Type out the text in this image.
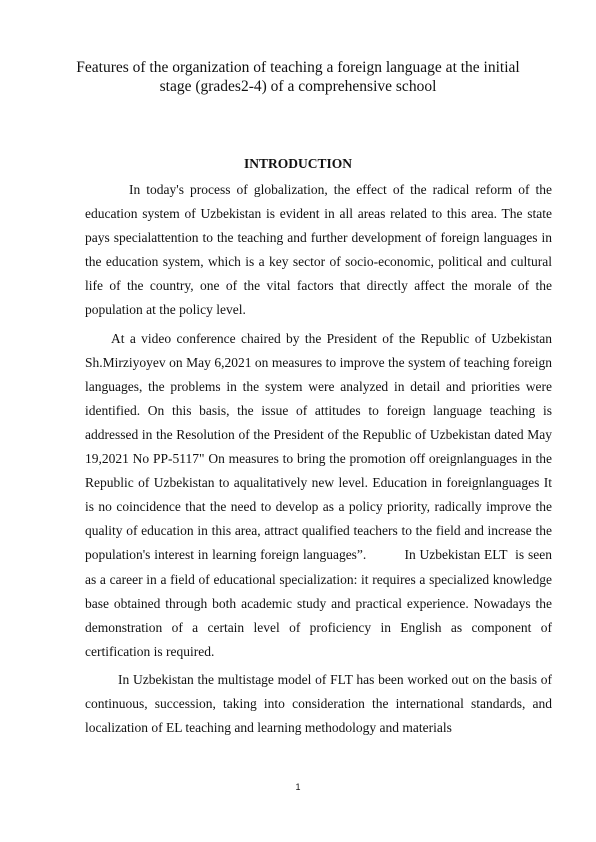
Features of the organization of teaching a foreign language at the initial stage (grades2-4) of a comprehensive school
INTRODUCTION

In today's process of globalization, the effect of the radical reform of the education system of Uzbekistan is evident in all areas related to this area. The state pays specialattention to the teaching and further development of foreign languages in the education system, which is a key sector of socio-economic, political and cultural life of the country, one of the vital factors that directly affect the morale of the population at the policy level.

At a video conference chaired by the President of the Republic of Uzbekistan Sh.Mirziyoyev on May 6,2021 on measures to improve the system of teaching foreign languages, the problems in the system were analyzed in detail and priorities were identified. On this basis, the issue of attitudes to foreign language teaching is addressed in the Resolution of the President of the Republic of Uzbekistan dated May 19,2021 No PP-5117" On measures to bring the promotion off oreignlanguages in the Republic of Uzbekistan to aqualitatively new level. Education in foreignlanguages It is no coincidence that the need to develop as a policy priority, radically improve the quality of education in this area, attract qualified teachers to the field and increase the population's interest in learning foreign languages”.          In Uzbekistan ELT  is seen as a career in a field of educational specialization: it requires a specialized knowledge base obtained through both academic study and practical experience. Nowadays the demonstration of a certain level of proficiency in English as component of certification is required.

In Uzbekistan the multistage model of FLT has been worked out on the basis of continuous, succession, taking into consideration the international standards, and localization of EL teaching and learning methodology and materials

1
